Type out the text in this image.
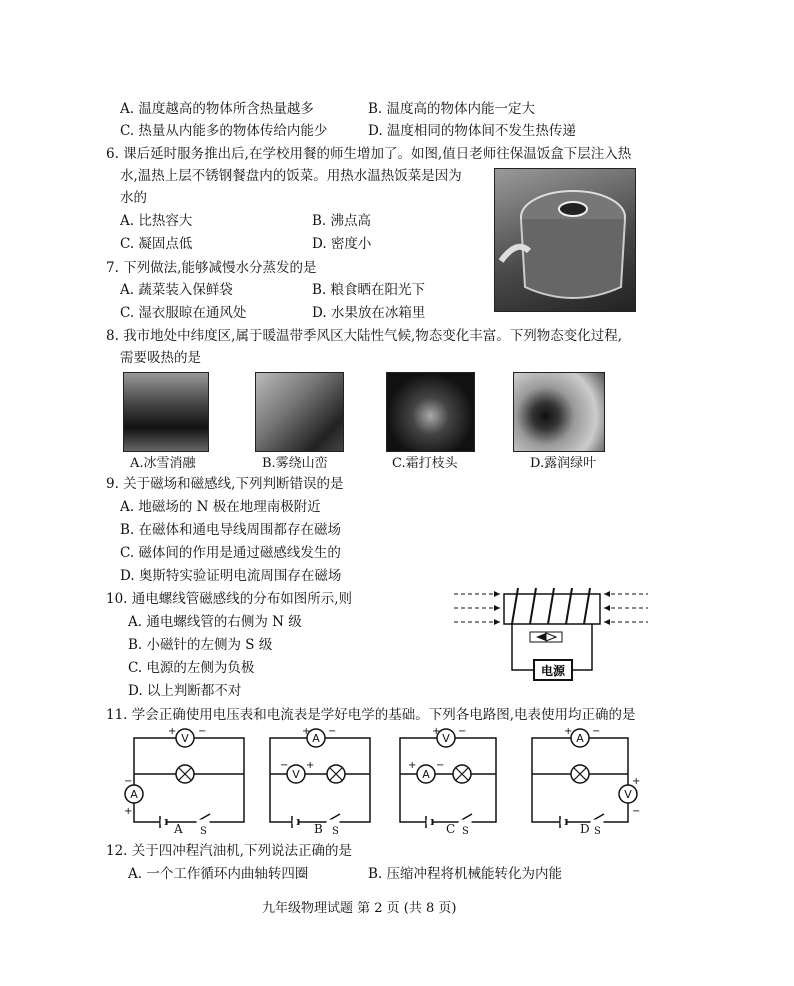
A. 温度越高的物体所含热量越多	B. 温度高的物体内能一定大
C. 热量从内能多的物体传给内能少	D. 温度相同的物体间不发生热传递
6. 课后延时服务推出后,在学校用餐的师生增加了。如图,值日老师往保温饭盒下层注入热
水,温热上层不锈钢餐盘内的饭菜。用热水温热饭菜是因为
水的
A. 比热容大	B. 沸点高
C. 凝固点低	D. 密度小
7. 下列做法,能够减慢水分蒸发的是
A. 蔬菜装入保鲜袋	B. 粮食晒在阳光下
C. 湿衣服晾在通风处	D. 水果放在冰箱里
8. 我市地处中纬度区,属于暖温带季风区大陆性气候,物态变化丰富。下列物态变化过程,
需要吸热的是
A.冰雪消融	B.雾绕山峦	C.霜打枝头	D.露润绿叶
9. 关于磁场和磁感线,下列判断错误的是
A. 地磁场的 N 极在地理南极附近
B. 在磁体和通电导线周围都存在磁场
C. 磁体间的作用是通过磁感线发生的
D. 奥斯特实验证明电流周围存在磁场
10. 通电螺线管磁感线的分布如图所示,则
A. 通电螺线管的右侧为 N 级
B. 小磁针的左侧为 S 级
C. 电源的左侧为负极
D. 以上判断都不对
电源
11. 学会正确使用电压表和电流表是学好电学的基础。下列各电路图,电表使用均正确的是
V
A
A
V
V
A
A
V
+ −
−
+
+ −
− +
+ −
+ −
+ −
+
−
S	S	S	S
A	B	C	D
12. 关于四冲程汽油机,下列说法正确的是
A. 一个工作循环内曲轴转四圈	B. 压缩冲程将机械能转化为内能
九年级物理试题 第 2 页 (共 8 页)
